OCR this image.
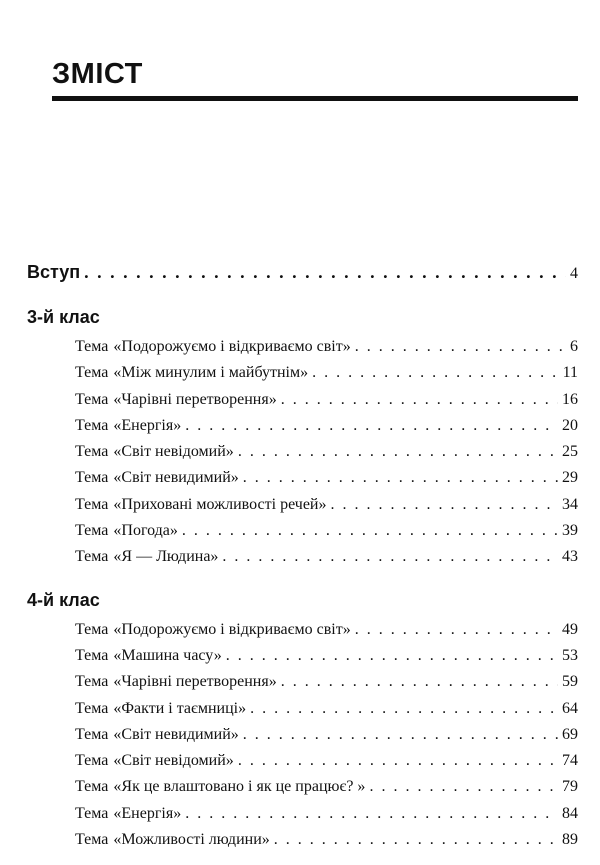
ЗМІСТ
Вступ . . .	4
3-й клас
Тема «Подорожуємо і відкриваємо світ» . . .	6
Тема «Між минулим і майбутнім» . . .	11
Тема «Чарівні перетворення» . . .	16
Тема «Енергія» . . .	20
Тема «Світ невідомий» . . .	25
Тема «Світ невидимий» . . .	29
Тема «Приховані можливості речей» . . .	34
Тема «Погода» . . .	39
Тема «Я — Людина» . . .	43
4-й клас
Тема «Подорожуємо і відкриваємо світ» . . .	49
Тема «Машина часу» . . .	53
Тема «Чарівні перетворення» . . .	59
Тема «Факти і таємниці» . . .	64
Тема «Світ невидимий» . . .	69
Тема «Світ невідомий» . . .	74
Тема «Як це влаштовано і як це працює? » . . .	79
Тема «Енергія» . . .	84
Тема «Можливості людини» . . .	89
